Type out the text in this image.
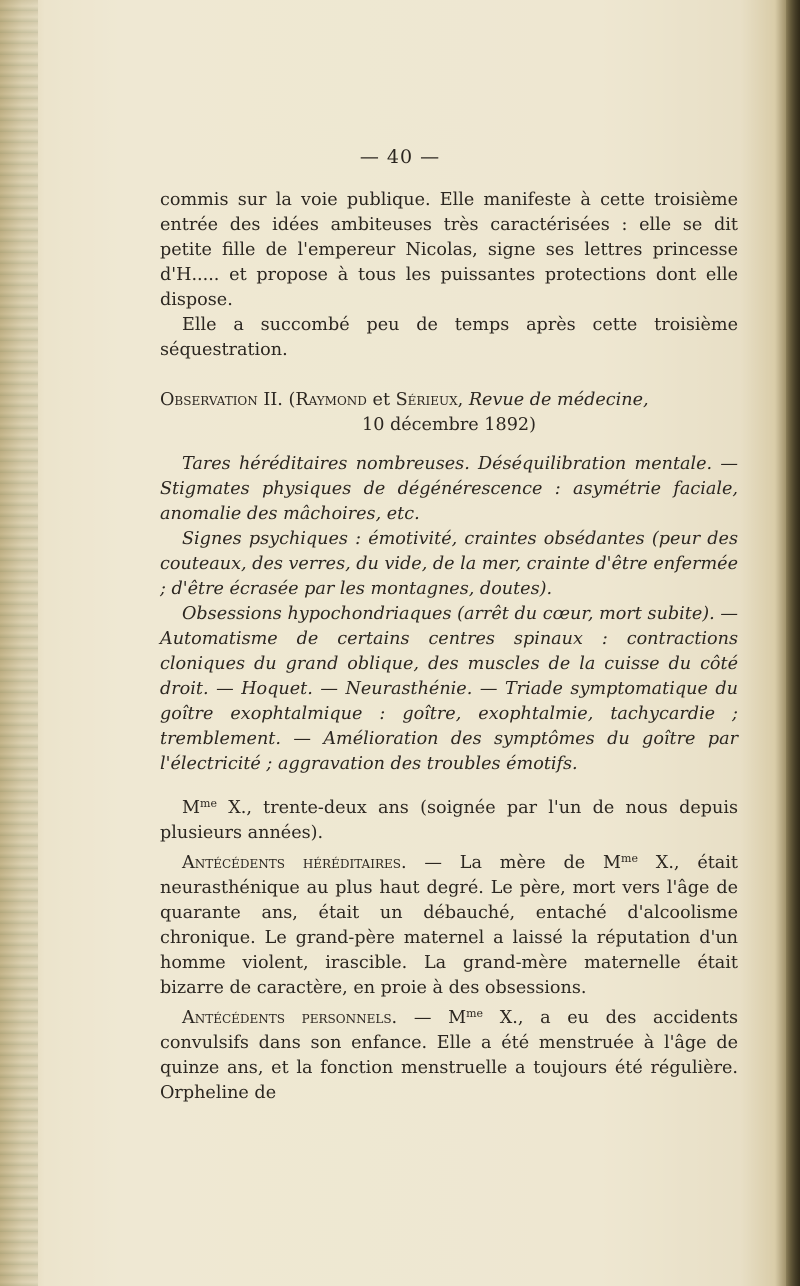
— 40 —

commis sur la voie publique. Elle manifeste à cette troisième entrée des idées ambiteuses très caractérisées : elle se dit petite fille de l'empereur Nicolas, signe ses lettres princesse d'H..... et propose à tous les puissantes protections dont elle dispose.

Elle a succombé peu de temps après cette troisième séquestration.

Observation II. (Raymond et Sérieux, Revue de médecine,

10 décembre 1892)

Tares héréditaires nombreuses. Déséquilibration mentale. — Stigmates physiques de dégénérescence : asymétrie faciale, anomalie des mâchoires, etc.

Signes psychiques : émotivité, craintes obsédantes (peur des couteaux, des verres, du vide, de la mer, crainte d'être enfermée ; d'être écrasée par les montagnes, doutes).

Obsessions hypochondriaques (arrêt du cœur, mort subite). — Automatisme de certains centres spinaux : contractions cloniques du grand oblique, des muscles de la cuisse du côté droit. — Hoquet. — Neurasthénie. — Triade symptomatique du goître exophtalmique : goître, exophtalmie, tachycardie ; tremblement. — Amélioration des symptômes du goître par l'électricité ; aggravation des troubles émotifs.

$M^{me}$ X., trente-deux ans (soignée par l'un de nous depuis plusieurs années).

Antécédents héréditaires. — La mère de $M^{me}$ X., était neurasthénique au plus haut degré. Le père, mort vers l'âge de quarante ans, était un débauché, entaché d'alcoolisme chronique. Le grand-père maternel a laissé la réputation d'un homme violent, irascible. La grand-mère maternelle était bizarre de caractère, en proie à des obsessions.

Antécédents personnels. — $M^{me}$ X., a eu des accidents convulsifs dans son enfance. Elle a été menstruée à l'âge de quinze ans, et la fonction menstruelle a toujours été régulière. Orpheline de
